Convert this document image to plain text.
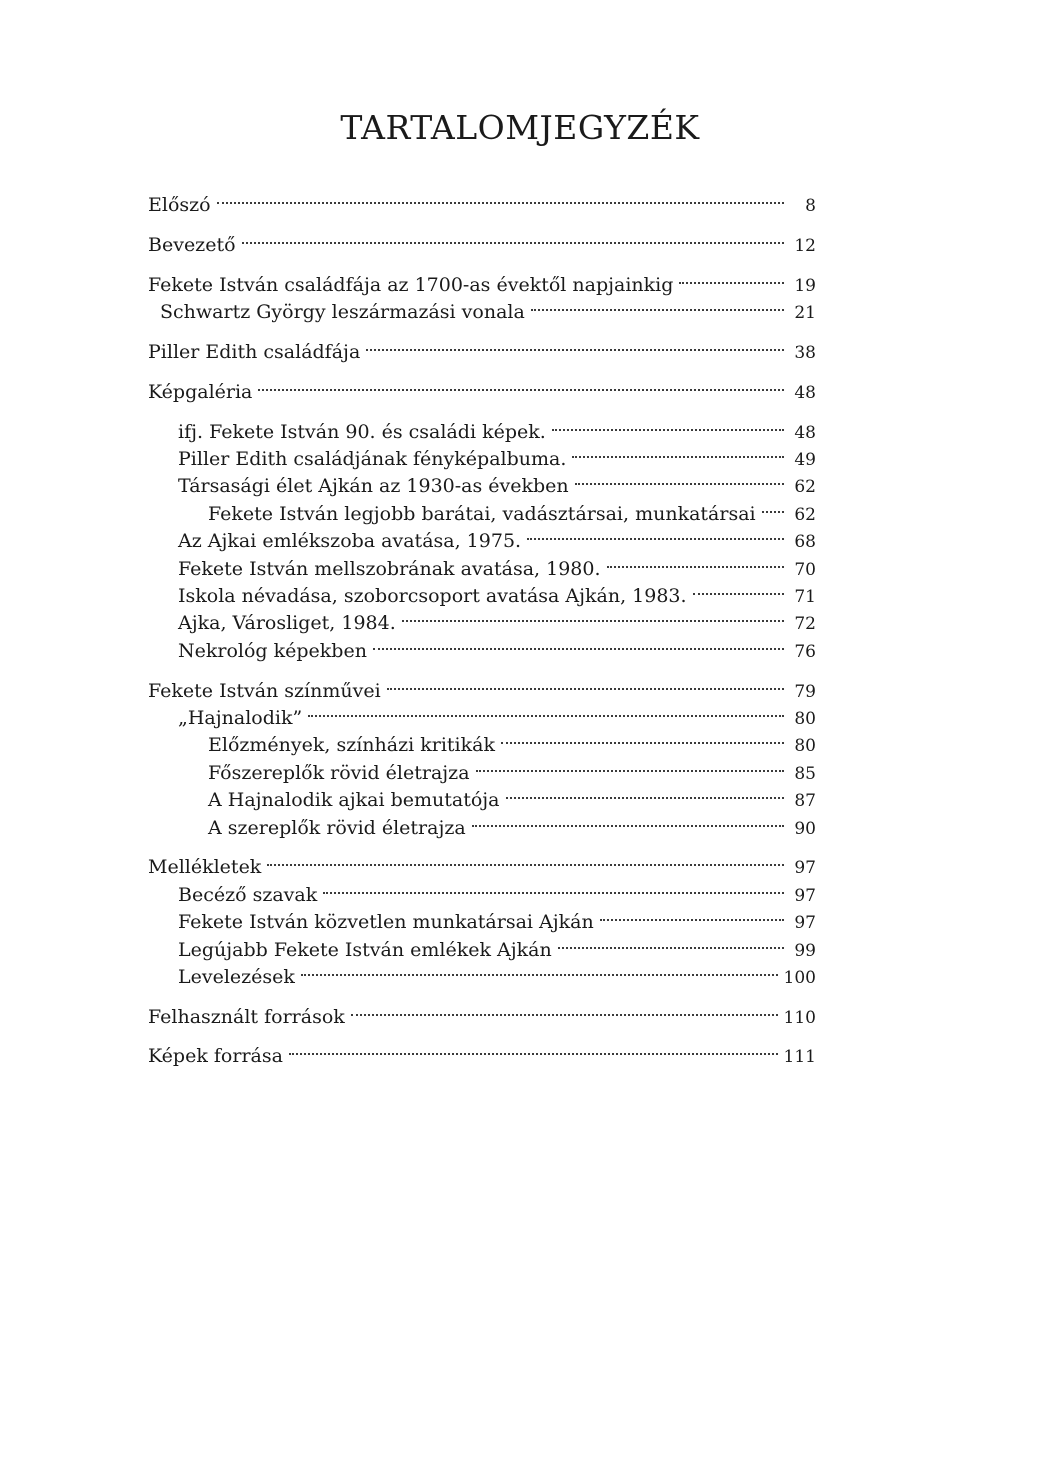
TARTALOMJEGYZÉK
Előszó	8
Bevezető	12
Fekete István családfája az 1700-as évektől napjainkig	19
Schwartz György leszármazási vonala	21
Piller Edith családfája	38
Képgaléria	48
ifj. Fekete István 90. és családi képek.	48
Piller Edith családjának fényképalbuma.	49
Társasági élet Ajkán az 1930-as években	62
Fekete István legjobb barátai, vadásztársai, munkatársai 62
Az Ajkai emlékszoba avatása, 1975.	68
Fekete István mellszobrának avatása, 1980.	70
Iskola névadása, szoborcsoport avatása Ajkán, 1983.	71
Ajka, Városliget, 1984.	72
Nekrológ képekben	76
Fekete István színművei	79
„Hajnalodik”	80
Előzmények, színházi kritikák	80
Főszereplők rövid életrajza	85
A Hajnalodik ajkai bemutatója	87
A szereplők rövid életrajza	90
Mellékletek	97
Becéző szavak	97
Fekete István közvetlen munkatársai Ajkán	97
Legújabb Fekete István emlékek Ajkán	99
Levelezések	100
Felhasznált források	110
Képek forrása	111
